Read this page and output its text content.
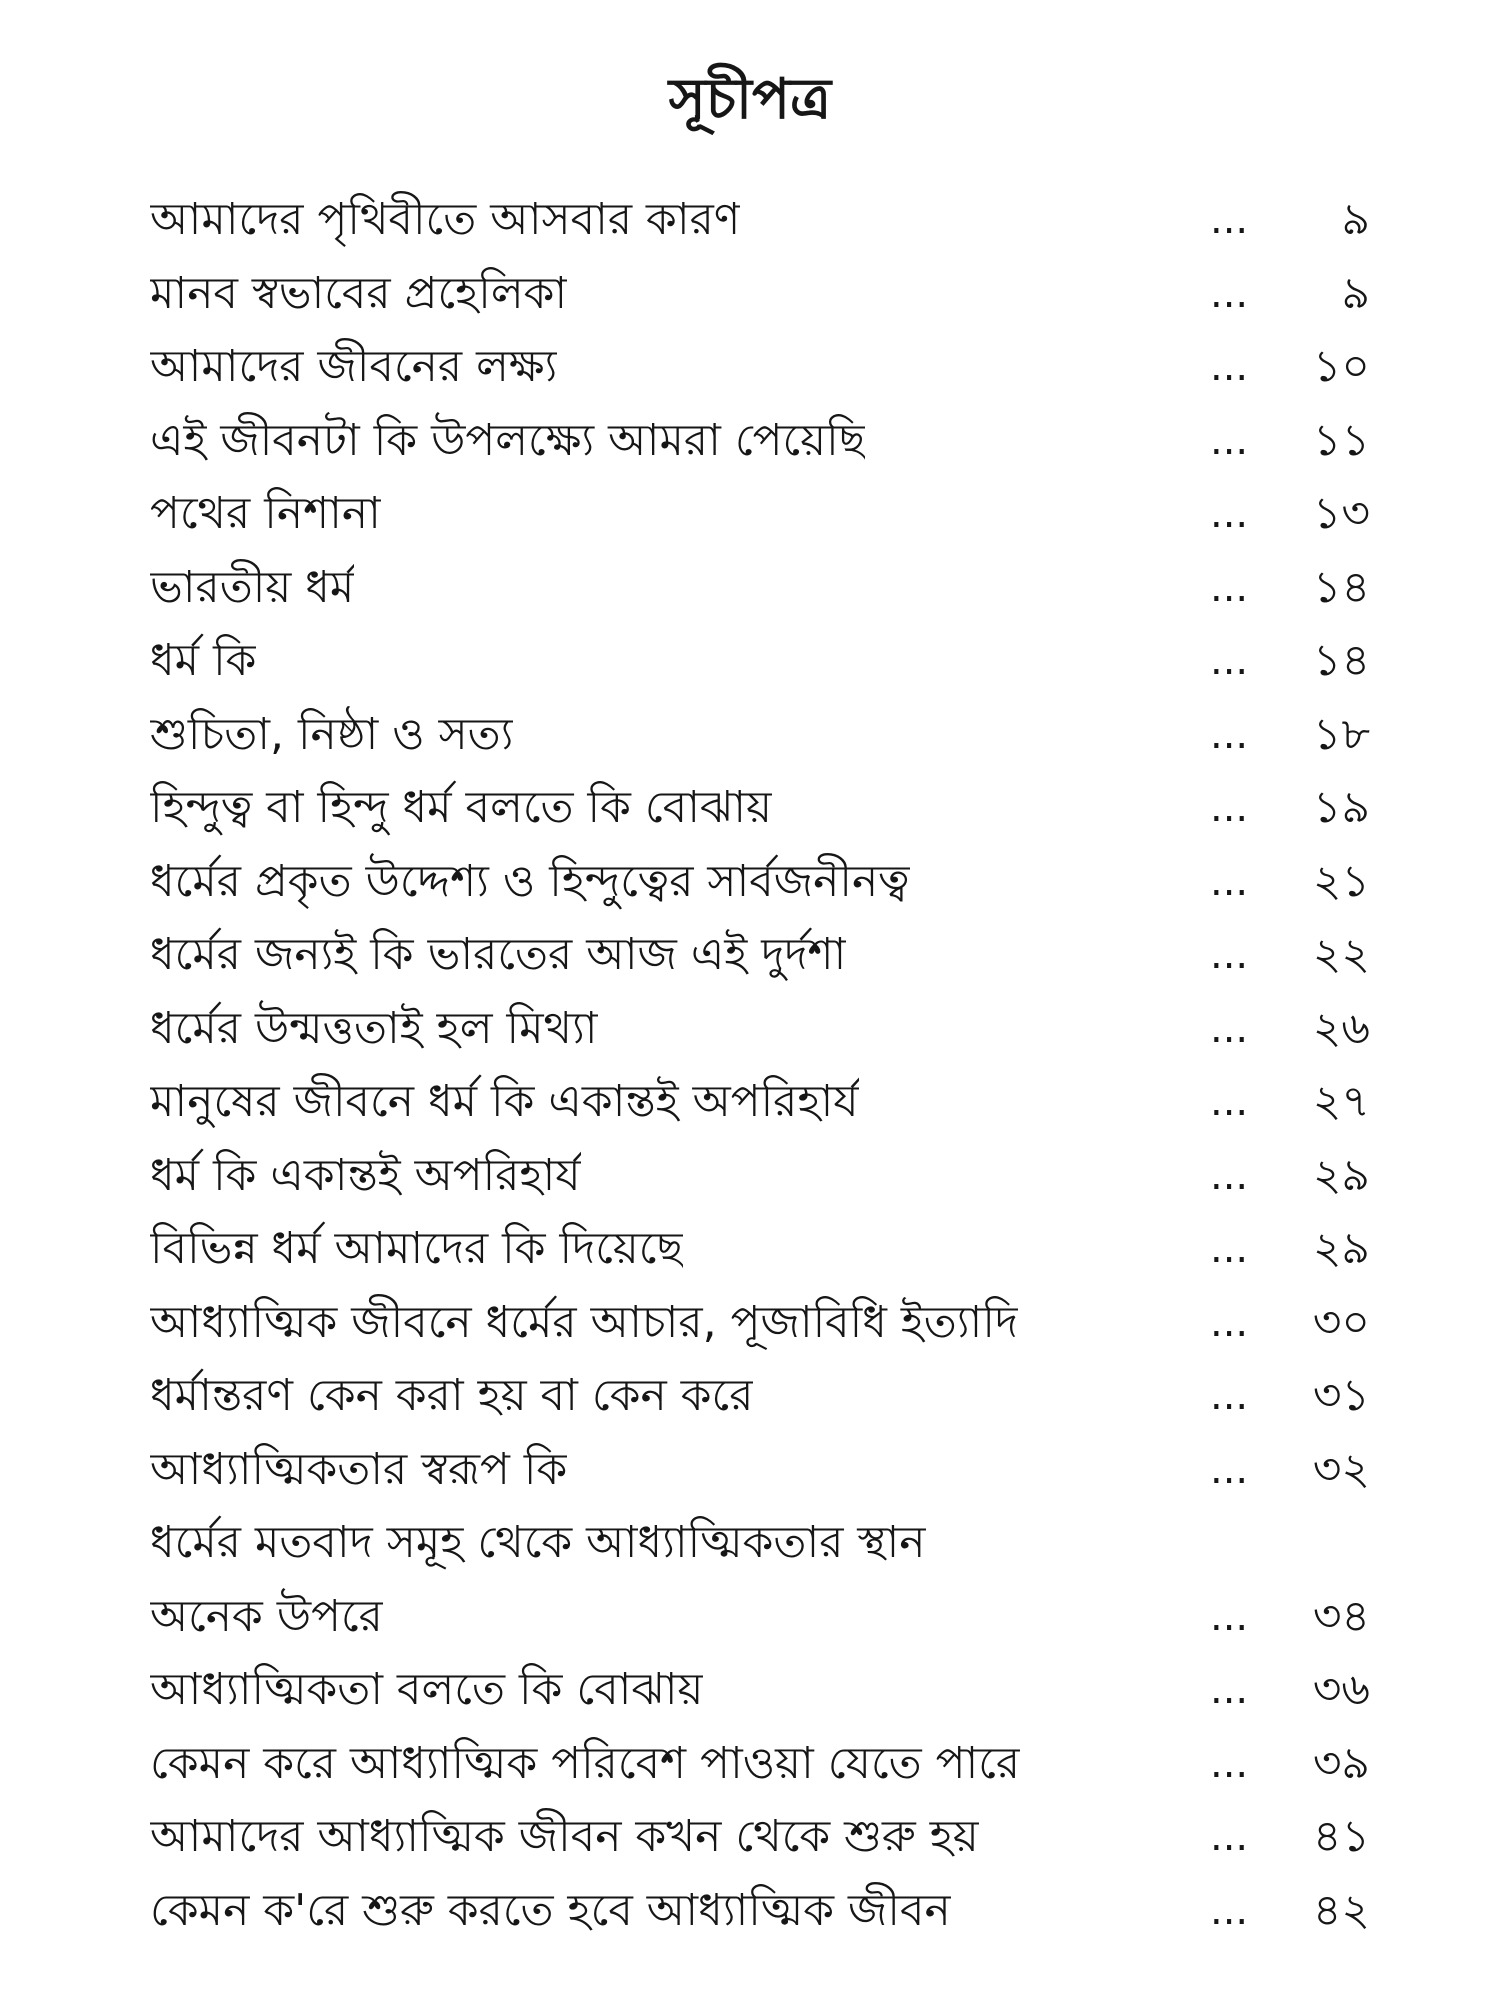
সূচীপত্র
আমাদের পৃথিবীতে আসবার কারণ	... ৯
মানব স্বভাবের প্রহেলিকা	... ৯
আমাদের জীবনের লক্ষ্য	... ১০
এই জীবনটা কি উপলক্ষ্যে আমরা পেয়েছি	... ১১
পথের নিশানা	... ১৩
ভারতীয় ধর্ম	... ১৪
ধর্ম কি	... ১৪
শুচিতা, নিষ্ঠা ও সত্য	... ১৮
হিন্দুত্ব বা হিন্দু ধর্ম বলতে কি বোঝায়	... ১৯
ধর্মের প্রকৃত উদ্দেশ্য ও হিন্দুত্বের সার্বজনীনত্ব	... ২১
ধর্মের জন্যই কি ভারতের আজ এই দুর্দশা	... ২২
ধর্মের উন্মত্ততাই হল মিথ্যা	... ২৬
মানুষের জীবনে ধর্ম কি একান্তই অপরিহার্য	... ২৭
ধর্ম কি একান্তই অপরিহার্য	... ২৯
বিভিন্ন ধর্ম আমাদের কি দিয়েছে	... ২৯
আধ্যাত্মিক জীবনে ধর্মের আচার, পূজাবিধি ইত্যাদি	... ৩০
ধর্মান্তরণ কেন করা হয় বা কেন করে	... ৩১
আধ্যাত্মিকতার স্বরূপ কি	... ৩২
ধর্মের মতবাদ সমূহ থেকে আধ্যাত্মিকতার স্থান
অনেক উপরে	... ৩৪
আধ্যাত্মিকতা বলতে কি বোঝায়	... ৩৬
কেমন করে আধ্যাত্মিক পরিবেশ পাওয়া যেতে পারে	... ৩৯
আমাদের আধ্যাত্মিক জীবন কখন থেকে শুরু হয়	... ৪১
কেমন ক'রে শুরু করতে হবে আধ্যাত্মিক জীবন	... ৪২
